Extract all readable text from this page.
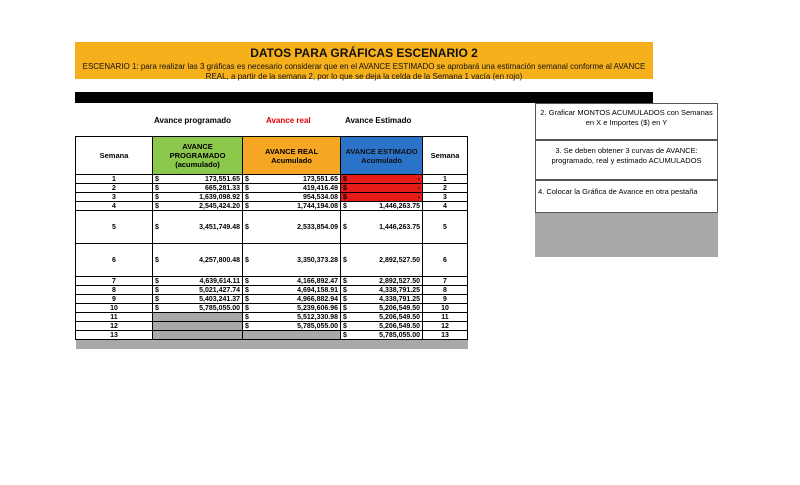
DATOS PARA GRÁFICAS ESCENARIO 2
ESCENARIO 1: para realizar las 3 gráficas es necesario considerar que en el AVANCE ESTIMADO se aprobará una estimación semanal conforme al AVANCE REAL, a partir de la semana 2, por lo que se deja la celda de la Semana 1 vacía (en rojo)
Avance programado	Avance real	Avance Estimado
Semana	AVANCE PROGRAMADO (acumulado)	AVANCE REAL Acumulado	AVANCE ESTIMADO Acumulado	Semana
1	$ 173,551.65	$ 173,551.65	$ -	1
2	$ 665,281.33	$ 419,416.49	$ -	2
3	$ 1,639,098.92	$ 954,534.08	$ -	3
4	$ 2,545,424.20	$ 1,744,194.08	$ 1,446,263.75	4
5	$ 3,451,749.48	$ 2,533,854.09	$ 1,446,263.75	5
6	$ 4,257,800.48	$ 3,350,373.28	$ 2,892,527.50	6
7	$ 4,639,614.11	$ 4,166,892.47	$ 2,892,527.50	7
8	$ 5,021,427.74	$ 4,694,158.91	$ 4,338,791.25	8
9	$ 5,403,241.37	$ 4,966,882.94	$ 4,338,791.25	9
10	$ 5,785,055.00	$ 5,239,606.96	$ 5,206,549.50	10
11		$ 5,512,330.98	$ 5,206,549.50	11
12		$ 5,785,055.00	$ 5,206,549.50	12
13			$ 5,785,055.00	13

2. Graficar MONTOS ACUMULADOS con Semanas en X e Importes ($) en Y
3. Se deben obtener 3 curvas de AVANCE: programado, real y estimado ACUMULADOS
4. Colocar la Gráfica de Avance en otra pestaña
